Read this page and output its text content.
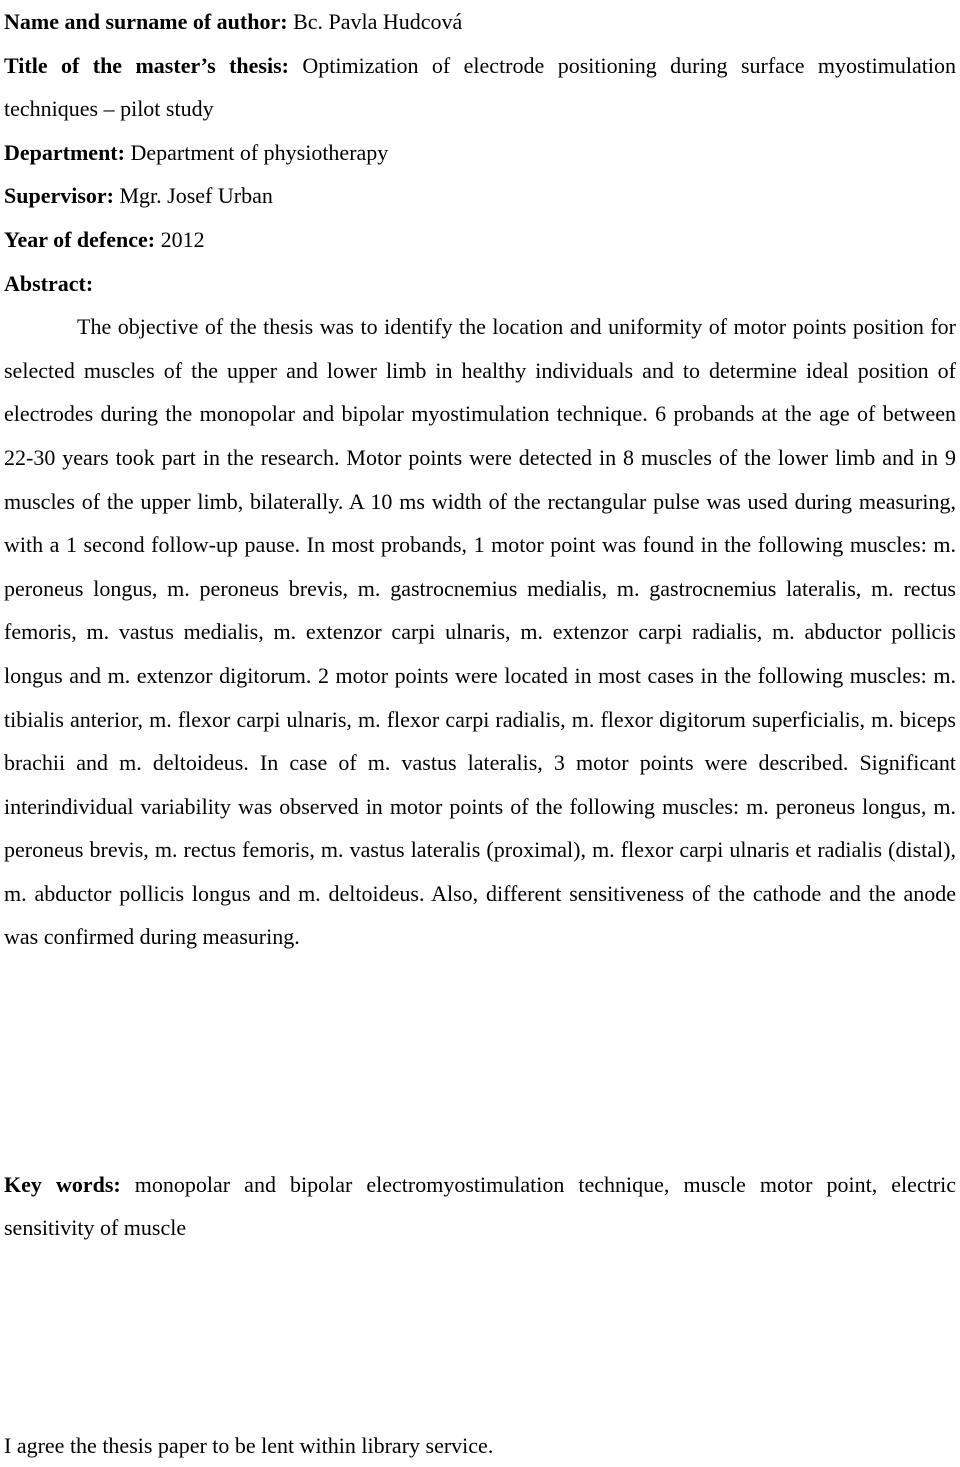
Name and surname of author: Bc. Pavla Hudcová
Title of the master’s thesis: Optimization of electrode positioning during surface myostimulation techniques – pilot study
Department: Department of physiotherapy
Supervisor: Mgr. Josef Urban
Year of defence: 2012
Abstract:

The objective of the thesis was to identify the location and uniformity of motor points position for selected muscles of the upper and lower limb in healthy individuals and to determine ideal position of electrodes during the monopolar and bipolar myostimulation technique. 6 probands at the age of between 22-30 years took part in the research. Motor points were detected in 8 muscles of the lower limb and in 9 muscles of the upper limb, bilaterally. A 10 ms width of the rectangular pulse was used during measuring, with a 1 second follow-up pause. In most probands, 1 motor point was found in the following muscles: m. peroneus longus, m. peroneus brevis, m. gastrocnemius medialis, m. gastrocnemius lateralis, m. rectus femoris, m. vastus medialis, m. extenzor carpi ulnaris, m. extenzor carpi radialis, m. abductor pollicis longus and m. extenzor digitorum. 2 motor points were located in most cases in the following muscles: m. tibialis anterior, m. flexor carpi ulnaris, m. flexor carpi radialis, m. flexor digitorum superficialis, m. biceps brachii and m. deltoideus. In case of m. vastus lateralis, 3 motor points were described. Significant interindividual variability was observed in motor points of the following muscles: m. peroneus longus, m. peroneus brevis, m. rectus femoris, m. vastus lateralis (proximal), m. flexor carpi ulnaris et radialis (distal), m. abductor pollicis longus and m. deltoideus. Also, different sensitiveness of the cathode and the anode was confirmed during measuring.

Key words: monopolar and bipolar electromyostimulation technique, muscle motor point, electric sensitivity of muscle

I agree the thesis paper to be lent within library service.
